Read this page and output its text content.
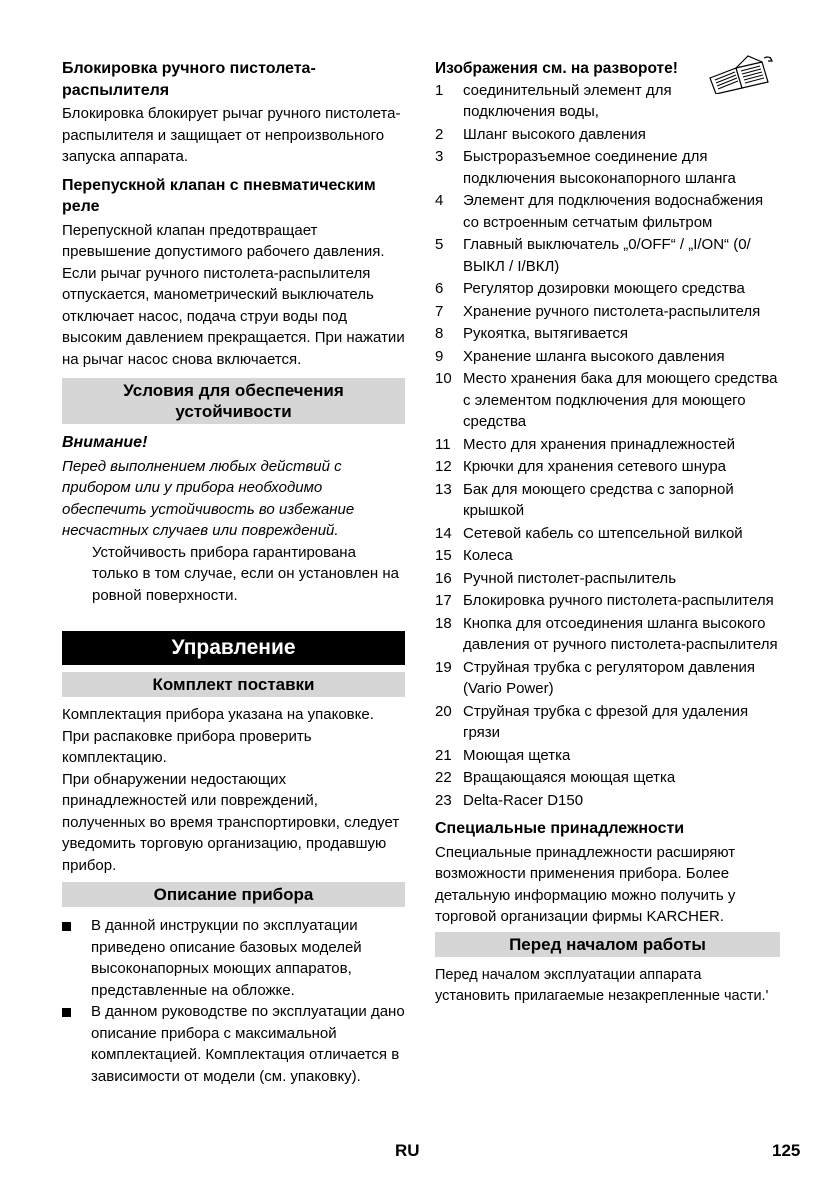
Блокировка ручного пистолета-распылителя

Блокировка блокирует рычаг ручного пистолета-распылителя и защищает от непроизвольного запуска аппарата.

Перепускной клапан с пневматическим реле

Перепускной клапан предотвращает превышение допустимого рабочего давления.

Если рычаг ручного пистолета-распылителя отпускается, манометрический выключатель отключает насос, подача струи воды под высоким давлением прекращается. При нажатии на рычаг насос снова включается.

Условия для обеспечения устойчивости

Внимание!

Перед выполнением любых действий с прибором или у прибора необходимо обеспечить устойчивость во избежание несчастных случаев или повреждений.

Устойчивость прибора гарантирована только в том случае, если он установлен на ровной поверхности.

Управление
Комплект поставки

Комплектация прибора указана на упаковке. При распаковке прибора проверить комплектацию.

При обнаружении недостающих принадлежностей или повреждений, полученных во время транспортировки, следует уведомить торговую организацию, продавшую прибор.

Описание прибора
В данной инструкции по эксплуатации приведено описание базовых моделей высоконапорных моющих аппаратов, представленные на обложке.
В данном руководстве по эксплуатации дано описание прибора с максимальной комплектацией. Комплектация отличается в зависимости от модели (см. упаковку).

Изображения см. на развороте!

1 соединительный элемент для подключения воды,
2 Шланг высокого давления
3 Быстроразъемное соединение для подключения высоконапорного шланга
4 Элемент для подключения водоснабжения со встроенным сетчатым фильтром
5 Главный выключатель „0/OFF“ / „I/ON“ (0/ВЫКЛ / I/ВКЛ)
6 Регулятор дозировки моющего средства
7 Хранение ручного пистолета-распылителя
8 Рукоятка, вытягивается
9 Хранение шланга высокого давления
10 Место хранения бака для моющего средства с элементом подключения для моющего средства
11 Место для хранения принадлежностей
12 Крючки для хранения сетевого шнура
13 Бак для моющего средства с запорной крышкой
14 Сетевой кабель со штепсельной вилкой
15 Колеса
16 Ручной пистолет-распылитель
17 Блокировка ручного пистолета-распылителя
18 Кнопка для отсоединения шланга высокого давления от ручного пистолета-распылителя
19 Струйная трубка с регулятором давления (Vario Power)
20 Струйная трубка с фрезой для удаления грязи
21 Моющая щетка
22 Вращающаяся моющая щетка
23 Delta-Racer D150

Специальные принадлежности

Специальные принадлежности расширяют возможности применения прибора. Более детальную информацию можно получить у торговой организации фирмы KARCHER.

Перед началом работы

Перед началом эксплуатации аппарата установить прилагаемые незакрепленные части.'

RU	125
